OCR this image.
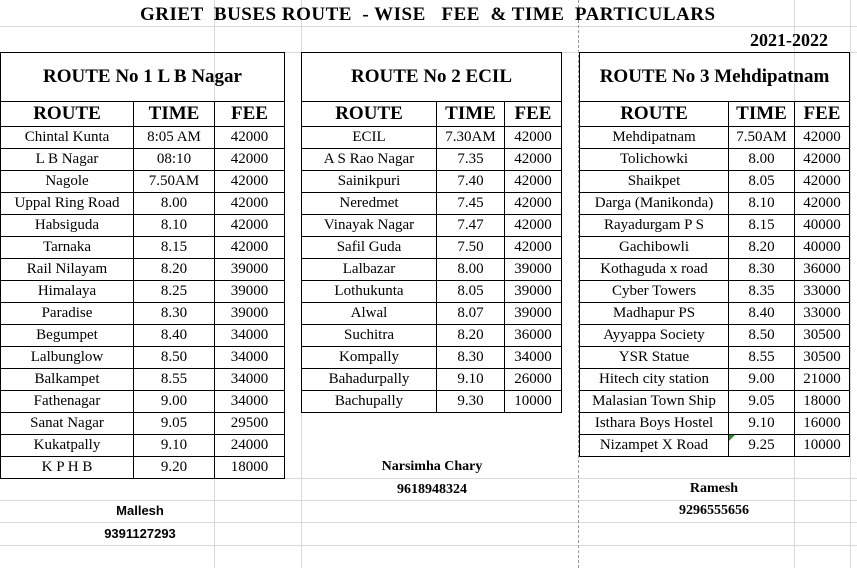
GRIET  BUSES ROUTE  - WISE   FEE  & TIME  PARTICULARS
2021-2022
ROUTE No 1 L B Nagar		
ROUTE	TIME	FEE
Chintal Kunta	8:05 AM	42000
L B Nagar	08:10	42000
Nagole	7.50AM	42000
Uppal Ring Road	8.00	42000
Habsiguda	8.10	42000
Tarnaka	8.15	42000
Rail Nilayam	8.20	39000
Himalaya	8.25	39000
Paradise	8.30	39000
Begumpet	8.40	34000
Lalbunglow	8.50	34000
Balkampet	8.55	34000
Fathenagar	9.00	34000
Sanat Nagar	9.05	29500
Kukatpally	9.10	24000
K P H B	9.20	18000
ROUTE No 2 ECIL		
ROUTE	TIME	FEE
ECIL	7.30AM	42000
A S Rao Nagar	7.35	42000
Sainikpuri	7.40	42000
Neredmet	7.45	42000
Vinayak Nagar	7.47	42000
Safil Guda	7.50	42000
Lalbazar	8.00	39000
Lothukunta	8.05	39000
Alwal	8.07	39000
Suchitra	8.20	36000
Kompally	8.30	34000
Bahadurpally	9.10	26000
Bachupally	9.30	10000
ROUTE No 3 Mehdipatnam		
ROUTE	TIME	FEE
Mehdipatnam	7.50AM	42000
Tolichowki	8.00	42000
Shaikpet	8.05	42000
Darga (Manikonda)	8.10	42000
Rayadurgam P S	8.15	40000
Gachibowli	8.20	40000
Kothaguda x road	8.30	36000
Cyber Towers	8.35	33000
Madhapur PS	8.40	33000
Ayyappa Society	8.50	30500
YSR Statue	8.55	30500
Hitech city station	9.00	21000
Malasian Town Ship	9.05	18000
Isthara Boys Hostel	9.10	16000
Nizampet X Road	9.25	10000
Mallesh
9391127293
Narsimha Chary
9618948324	Ramesh
9296555656
